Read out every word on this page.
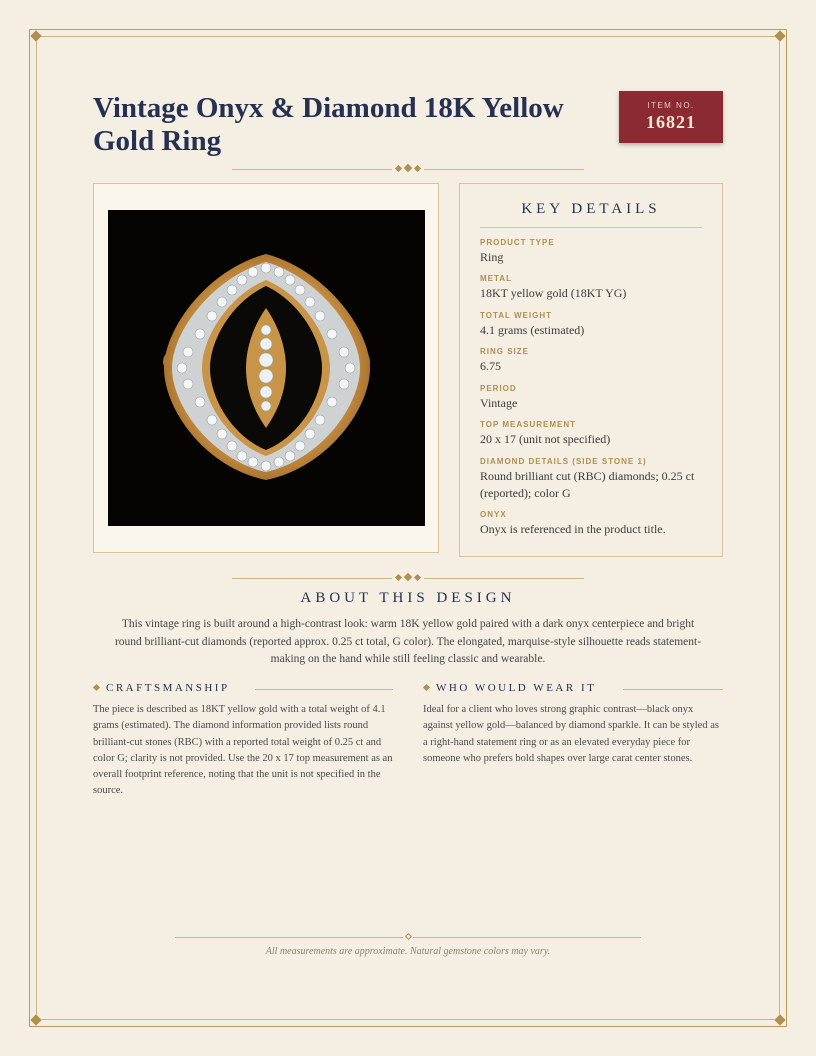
Vintage Onyx & Diamond 18K Yellow Gold Ring
ITEM NO.
16821
KEY DETAILS
PRODUCT TYPE
Ring
METAL
18KT yellow gold (18KT YG)
TOTAL WEIGHT
4.1 grams (estimated)
RING SIZE
6.75
PERIOD
Vintage
TOP MEASUREMENT
20 x 17 (unit not specified)
DIAMOND DETAILS (SIDE STONE 1)
Round brilliant cut (RBC) diamonds; 0.25 ct (reported); color G
ONYX
Onyx is referenced in the product title.
ABOUT THIS DESIGN

This vintage ring is built around a high-contrast look: warm 18K yellow gold paired with a dark onyx centerpiece and bright round brilliant-cut diamonds (reported approx. 0.25 ct total, G color). The elongated, marquise-style silhouette reads statement-making on the hand while still feeling classic and wearable.

CRAFTSMANSHIP

The piece is described as 18KT yellow gold with a total weight of 4.1 grams (estimated). The diamond information provided lists round brilliant-cut stones (RBC) with a reported total weight of 0.25 ct and color G; clarity is not provided. Use the 20 x 17 top measurement as an overall footprint reference, noting that the unit is not specified in the source.

WHO WOULD WEAR IT

Ideal for a client who loves strong graphic contrast—black onyx against yellow gold—balanced by diamond sparkle. It can be styled as a right-hand statement ring or as an elevated everyday piece for someone who prefers bold shapes over large carat center stones.

All measurements are approximate. Natural gemstone colors may vary.
